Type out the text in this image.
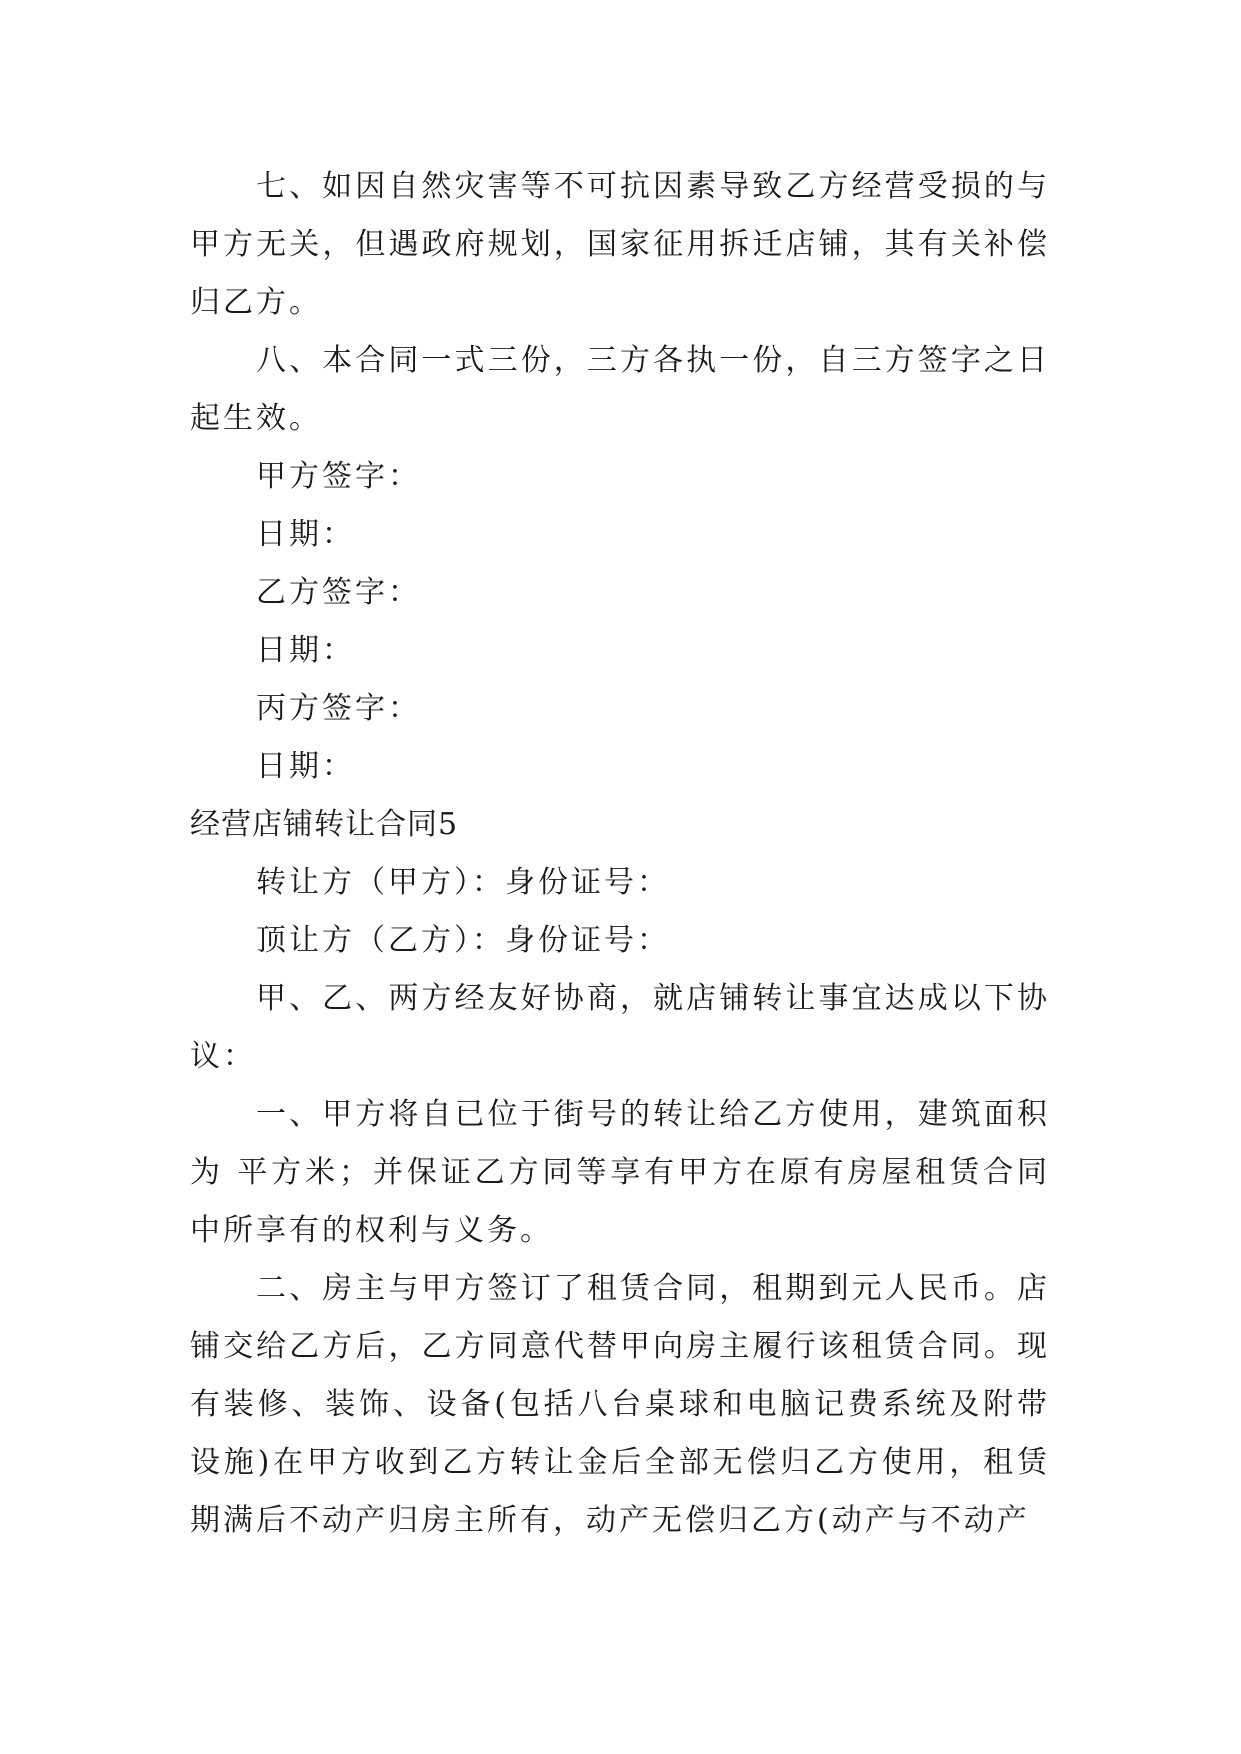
七、如因自然灾害等不可抗因素导致乙方经营受损的与甲方无关，但遇政府规划，国家征用拆迁店铺，其有关补偿归乙方。

八、本合同一式三份，三方各执一份，自三方签字之日起生效。

甲方签字：

日期：

乙方签字：

日期：

丙方签字：

日期：

经营店铺转让合同5

转让方（甲方）：身份证号：

顶让方（乙方）：身份证号：

甲、乙、两方经友好协商，就店铺转让事宜达成以下协议：

一、甲方将自已位于街号的转让给乙方使用，建筑面积为 平方米；并保证乙方同等享有甲方在原有房屋租赁合同中所享有的权利与义务。

二、房主与甲方签订了租赁合同，租期到元人民币。店铺交给乙方后，乙方同意代替甲向房主履行该租赁合同。现有装修、装饰、设备(包括八台桌球和电脑记费系统及附带设施)在甲方收到乙方转让金后全部无偿归乙方使用，租赁期满后不动产归房主所有，动产无偿归乙方(动产与不动产
